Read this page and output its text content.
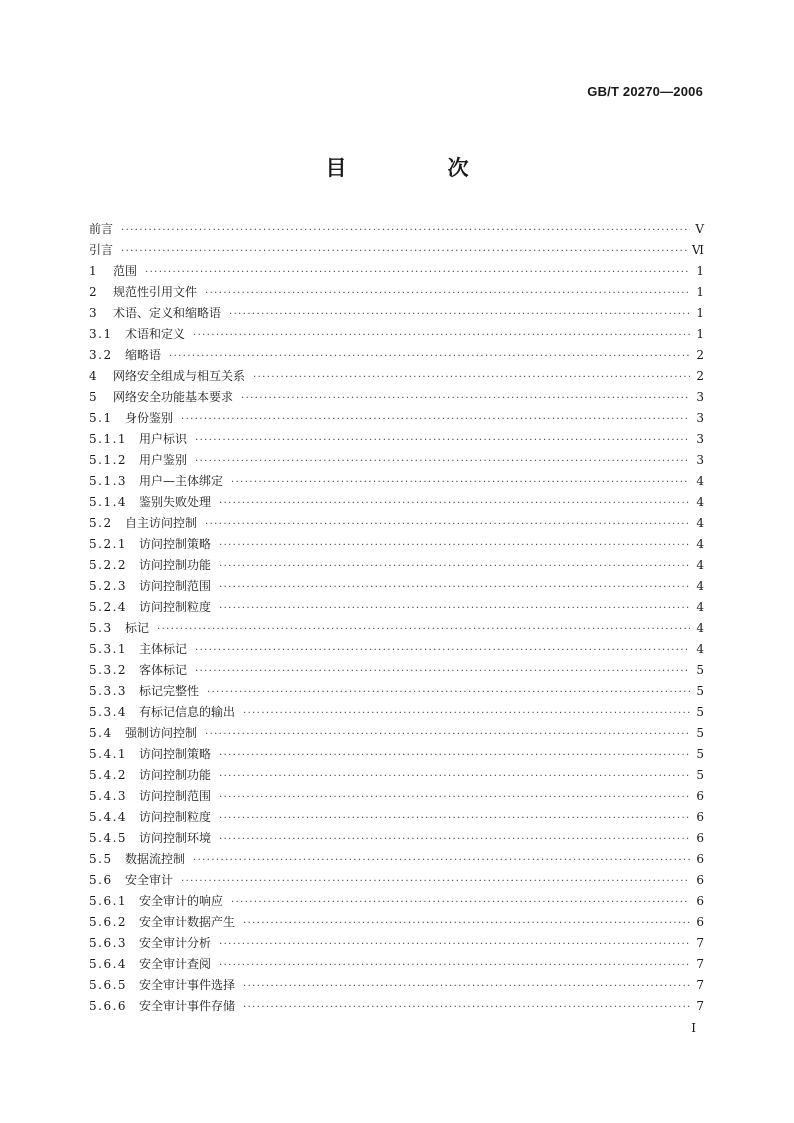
GB/T 20270—2006
目　次
前言 ·····	Ⅴ
引言 ·····	Ⅵ
1	范围 ·····	1
2	规范性引用文件 ·····	1
3	术语、定义和缩略语 ·····	1
3.1	术语和定义 ·····	1
3.2	缩略语 ·····	2
4	网络安全组成与相互关系 ·····	2
5	网络安全功能基本要求 ·····	3
5.1	身份鉴别 ·····	3
5.1.1 用户标识 ·····	3
5.1.2 用户鉴别 ·····	3
5.1.3 用户—主体绑定 ·····	4
5.1.4 鉴别失败处理 ·····	4
5.2	自主访问控制 ·····	4
5.2.1 访问控制策略 ·····	4
5.2.2 访问控制功能 ·····	4
5.2.3 访问控制范围 ·····	4
5.2.4 访问控制粒度 ·····	4
5.3	标记 ·····	4
5.3.1 主体标记 ·····	4
5.3.2 客体标记 ·····	5
5.3.3 标记完整性 ·····	5
5.3.4 有标记信息的输出 ·····	5
5.4	强制访问控制 ·····	5
5.4.1 访问控制策略 ·····	5
5.4.2 访问控制功能 ·····	5
5.4.3 访问控制范围 ·····	6
5.4.4 访问控制粒度 ·····	6
5.4.5 访问控制环境 ·····	6
5.5	数据流控制 ·····	6
5.6	安全审计 ·····	6
5.6.1 安全审计的响应 ·····	6
5.6.2 安全审计数据产生 ·····	6
5.6.3 安全审计分析 ·····	7
5.6.4 安全审计查阅 ·····	7
5.6.5 安全审计事件选择 ·····	7
5.6.6 安全审计事件存储 ·····	7
Ⅰ
